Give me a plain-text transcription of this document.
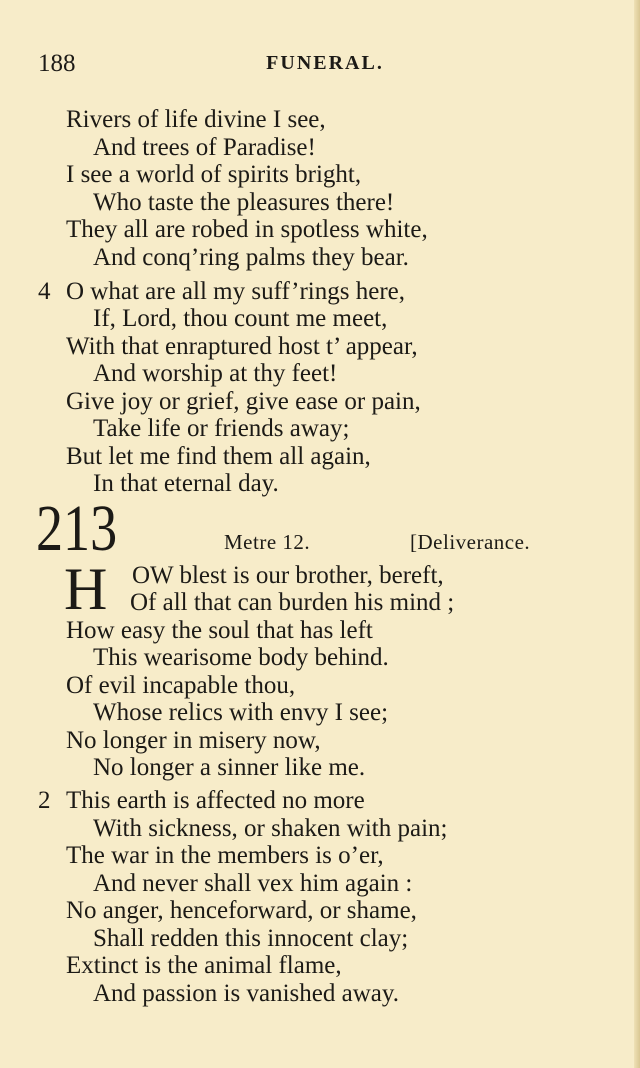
188	FUNERAL.
Rivers of life divine I see,
And trees of Paradise!
I see a world of spirits bright,
Who taste the pleasures there!
They all are robed in spotless white,
And conq’ring palms they bear.
4 O what are all my suff’rings here,
If, Lord, thou count me meet,
With that enraptured host t’ appear,
And worship at thy feet!
Give joy or grief, give ease or pain,
Take life or friends away;
But let me find them all again,
In that eternal day.
213	Metre 12.	[Deliverance.
H OW blest is our brother, bereft,
Of all that can burden his mind ;
How easy the soul that has left
This wearisome body behind.
Of evil incapable thou,
Whose relics with envy I see;
No longer in misery now,
No longer a sinner like me.
2 This earth is affected no more
With sickness, or shaken with pain;
The war in the members is o’er,
And never shall vex him again :
No anger, henceforward, or shame,
Shall redden this innocent clay;
Extinct is the animal flame,
And passion is vanished away.
